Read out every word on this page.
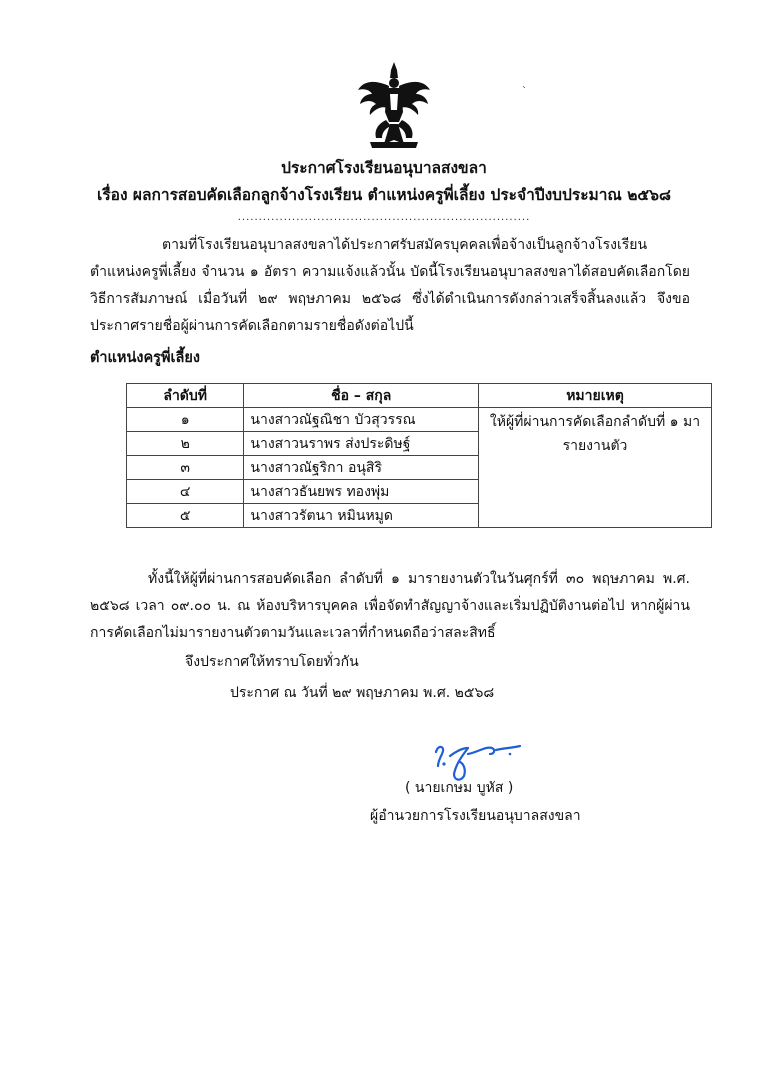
`
ประกาศโรงเรียนอนุบาลสงขลา
เรื่อง ผลการสอบคัดเลือกลูกจ้างโรงเรียน ตำแหน่งครูพี่เลี้ยง ประจำปีงบประมาณ ๒๕๖๘
......................................................................
ตามที่โรงเรียนอนุบาลสงขลาได้ประกาศรับสมัครบุคคลเพื่อจ้างเป็นลูกจ้างโรงเรียน ตำแหน่งครูพี่เลี้ยง จำนวน ๑ อัตรา ความแจ้งแล้วนั้น บัดนี้โรงเรียนอนุบาลสงขลาได้สอบคัดเลือกโดยวิธีการสัมภาษณ์ เมื่อวันที่ ๒๙ พฤษภาคม ๒๕๖๘ ซึ่งได้ดำเนินการดังกล่าวเสร็จสิ้นลงแล้ว จึงขอประกาศรายชื่อผู้ผ่านการคัดเลือกตามรายชื่อดังต่อไปนี้
ตำแหน่งครูพี่เลี้ยง
ลำดับที่	ชื่อ – สกุล	หมายเหตุ
๑	นางสาวณัฐณิชา บัวสุวรรณ	ให้ผู้ที่ผ่านการคัดเลือกลำดับที่ ๑ มารายงานตัว

๒	นางสาวนราพร ส่งประดิษฐ์	
๓	นางสาวณัฐริกา อนุสิริ	
๔	นางสาวธันยพร ทองพุ่ม	
๕	นางสาวรัตนา หมินหมูด	
ทั้งนี้ให้ผู้ที่ผ่านการสอบคัดเลือก ลำดับที่ ๑ มารายงานตัวในวันศุกร์ที่ ๓๐ พฤษภาคม พ.ศ. ๒๕๖๘ เวลา ๐๙.๐๐ น. ณ ห้องบริหารบุคคล เพื่อจัดทำสัญญาจ้างและเริ่มปฏิบัติงานต่อไป หากผู้ผ่านการคัดเลือกไม่มารายงานตัวตามวันและเวลาที่กำหนดถือว่าสละสิทธิ์
จึงประกาศให้ทราบโดยทั่วกัน
ประกาศ ณ วันที่ ๒๙ พฤษภาคม พ.ศ. ๒๕๖๘
( นายเกษม บูหัส )
ผู้อำนวยการโรงเรียนอนุบาลสงขลา
